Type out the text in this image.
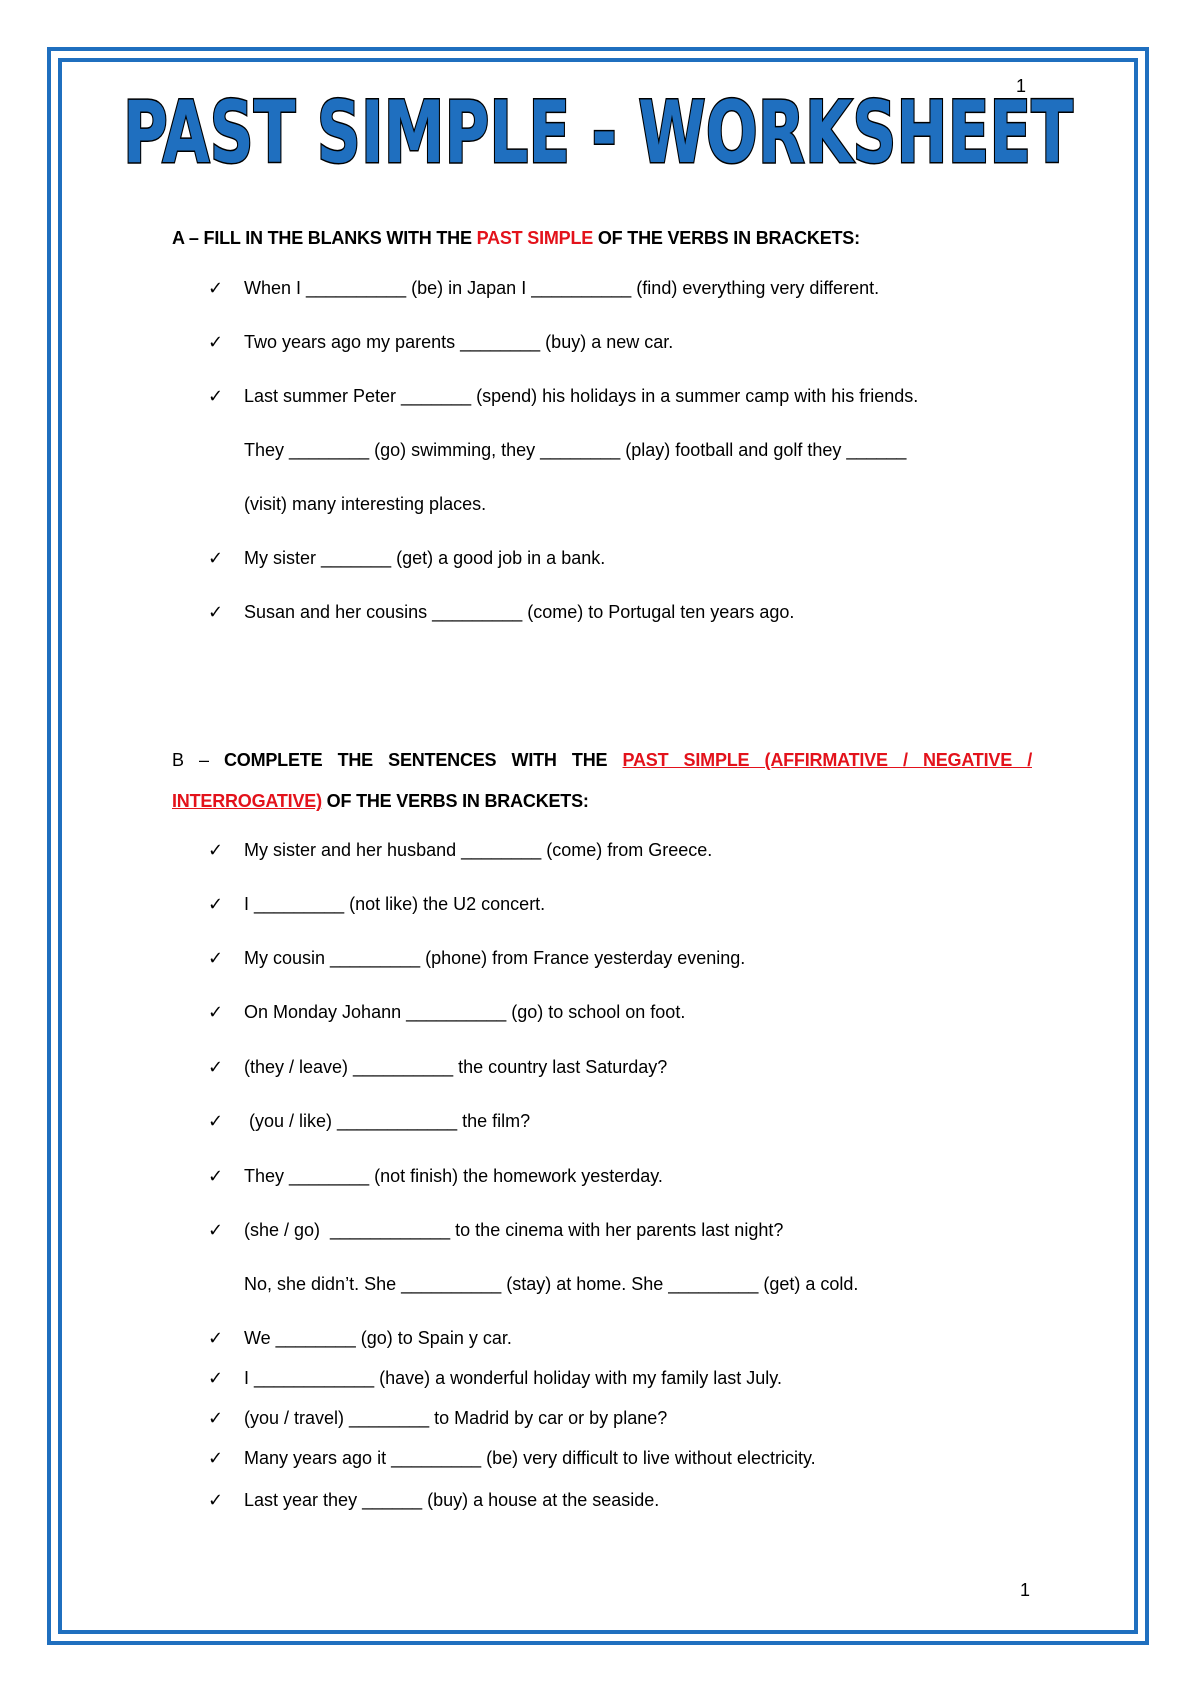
1
PAST SIMPLE - WORKSHEET
A – FILL IN THE BLANKS WITH THE PAST SIMPLE OF THE VERBS IN BRACKETS:
✓	When I __________ (be) in Japan I __________ (find) everything very different.
✓	Two years ago my parents ________ (buy) a new car.
✓	Last summer Peter _______ (spend) his holidays in a summer camp with his friends.
They ________ (go) swimming, they ________ (play) football and golf they ______
(visit) many interesting places.
✓	My sister _______ (get) a good job in a bank.
✓	Susan and her cousins _________ (come) to Portugal ten years ago.
B – COMPLETE THE SENTENCES WITH THE PAST SIMPLE (AFFIRMATIVE / NEGATIVE / INTERROGATIVE) OF THE VERBS IN BRACKETS:
✓	My sister and her husband ________ (come) from Greece.
✓	I _________ (not like) the U2 concert.
✓	My cousin _________ (phone) from France yesterday evening.
✓	On Monday Johann __________ (go) to school on foot.
✓	(they / leave) __________ the country last Saturday?
✓	(you / like) ____________ the film?
✓	They ________ (not finish) the homework yesterday.
✓	(she / go)  ____________ to the cinema with her parents last night?
No, she didn’t. She __________ (stay) at home. She _________ (get) a cold.
✓	We ________ (go) to Spain y car.
✓	I ____________ (have) a wonderful holiday with my family last July.
✓	(you / travel) ________ to Madrid by car or by plane?
✓	Many years ago it _________ (be) very difficult to live without electricity.
✓	Last year they ______ (buy) a house at the seaside.
1
